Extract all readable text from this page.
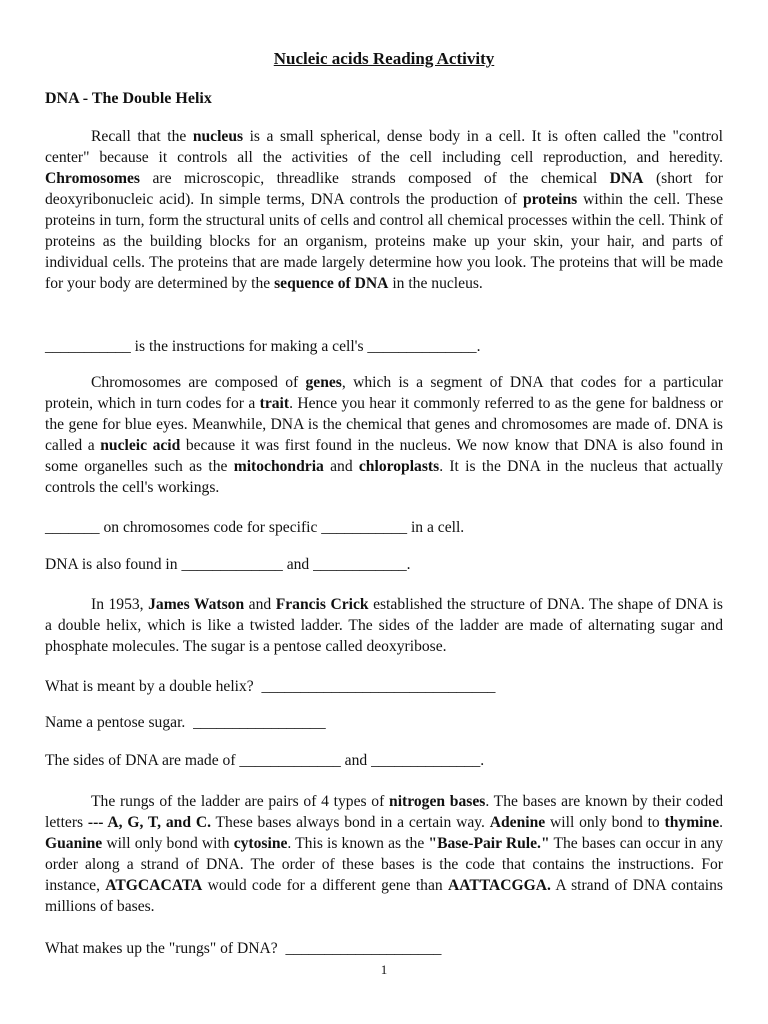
Nucleic acids Reading Activity
DNA - The Double Helix

Recall that the nucleus is a small spherical, dense body in a cell. It is often called the "control center" because it controls all the activities of the cell including cell reproduction, and heredity. Chromosomes are microscopic, threadlike strands composed of the chemical DNA (short for deoxyribonucleic acid). In simple terms, DNA controls the production of proteins within the cell. These proteins in turn, form the structural units of cells and control all chemical processes within the cell. Think of proteins as the building blocks for an organism, proteins make up your skin, your hair, and parts of individual cells. The proteins that are made largely determine how you look. The proteins that will be made for your body are determined by the sequence of DNA in the nucleus.

___________ is the instructions for making a cell's ______________.

Chromosomes are composed of genes, which is a segment of DNA that codes for a particular protein, which in turn codes for a trait. Hence you hear it commonly referred to as the gene for baldness or the gene for blue eyes. Meanwhile, DNA is the chemical that genes and chromosomes are made of. DNA is called a nucleic acid because it was first found in the nucleus. We now know that DNA is also found in some organelles such as the mitochondria and chloroplasts. It is the DNA in the nucleus that actually controls the cell's workings.

_______ on chromosomes code for specific ___________ in a cell.

DNA is also found in _____________ and ____________.

In 1953, James Watson and Francis Crick established the structure of DNA. The shape of DNA is a double helix, which is like a twisted ladder. The sides of the ladder are made of alternating sugar and phosphate molecules. The sugar is a pentose called deoxyribose.

What is meant by a double helix?  ______________________________

Name a pentose sugar.  _________________

The sides of DNA are made of _____________ and ______________.

The rungs of the ladder are pairs of 4 types of nitrogen bases. The bases are known by their coded letters --- A, G, T, and C. These bases always bond in a certain way. Adenine will only bond to thymine. Guanine will only bond with cytosine. This is known as the "Base-Pair Rule." The bases can occur in any order along a strand of DNA. The order of these bases is the code that contains the instructions. For instance, ATGCACATA would code for a different gene than AATTACGGA. A strand of DNA contains millions of bases.

What makes up the "rungs" of DNA?  ____________________

1
